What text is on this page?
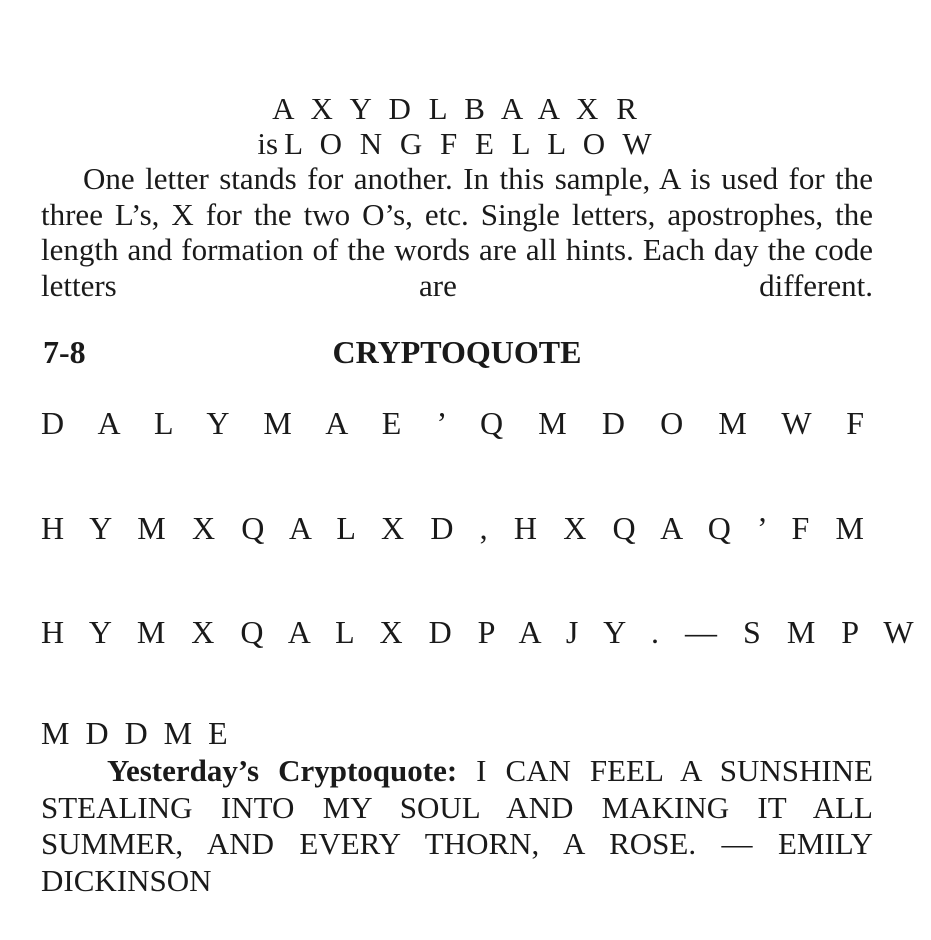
A X Y D L B A A X R
is L O N G F E L L O W

One letter stands for another. In this sample, A is used for the three L’s, X for the two O’s, etc. Single letters, apostrophes, the length and formation of the words are all hints. Each day the code letters are different.

7-8	CRYPTOQUOTE
D A L Y M A E ’ Q M D O M W F
H Y M X Q A L X D , H X Q A Q ’ F M
H Y M X Q A L X D P A J Y . — S M P W
M D D M E
Yesterday’s Cryptoquote: I CAN FEEL A SUNSHINE STEALING INTO MY SOUL AND MAKING IT ALL SUMMER, AND EVERY THORN, A ROSE. — EMILY DICKINSON
